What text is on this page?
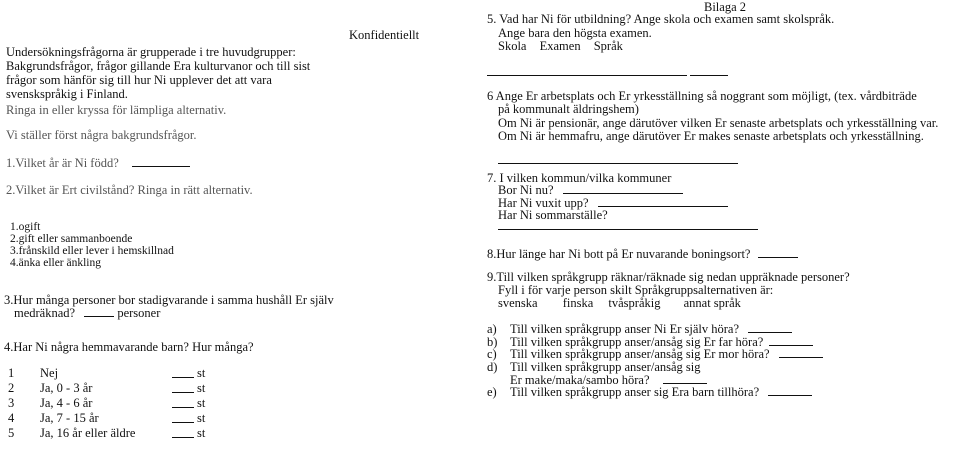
Konfidentiellt
Bilaga 2
Undersökningsfrågorna är grupperade i tre huvudgrupper:
Bakgrundsfrågor, frågor gillande Era kulturvanor och till sist
frågor som hänför sig till hur Ni upplever det att vara
svenskspråkig i Finland.
Ringa in eller kryssa för lämpliga alternativ.
Vi ställer först några bakgrundsfrågor.
1.Vilket år är Ni född?
2.Vilket är Ert civilstånd? Ringa in rätt alternativ.
1.ogift
2.gift eller sammanboende
3.frånskild eller lever i hemskillnad
4.änka eller änkling
3.Hur många personer bor stadigvarande i samma hushåll Er själv
medräknad?	personer
4.Har Ni några hemmavarande barn? Hur många?
1 Nej	st
2 Ja, 0 - 3 år	st
3 Ja, 4 - 6 år	st
4 Ja, 7 - 15 år	st
5 Ja, 16 år eller äldre	st
5. Vad har Ni för utbildning? Ange skola och examen samt skolspråk.
Ange bara den högsta examen.
Skola Examen Språk
6 Ange Er arbetsplats och Er yrkesställning så noggrant som möjligt, (tex. vårdbiträde
på kommunalt äldringshem)
Om Ni är pensionär, ange därutöver vilken Er senaste arbetsplats och yrkesställning var.
Om Ni är hemmafru, ange därutöver Er makes senaste arbetsplats och yrkesställning.
7. I vilken kommun/vilka kommuner
Bor Ni nu?
Har Ni vuxit upp?
Har Ni sommarställe?
8.Hur länge har Ni bott på Er nuvarande boningsort?
9.Till vilken språkgrupp räknar/räknade sig nedan uppräknade personer?
Fyll i för varje person skilt Språkgruppsalternativen är:
svenska finska tvåspråkig annat språk
a) Till vilken språkgrupp anser Ni Er själv höra?
b) Till vilken språkgrupp anser/ansåg sig Er far höra?
c) Till vilken språkgrupp anser/ansåg sig Er mor höra?
d) Till vilken språkgrupp anser/ansåg sig
Er make/maka/sambo höra?
e) Till vilken språkgrupp anser sig Era barn tillhöra?
